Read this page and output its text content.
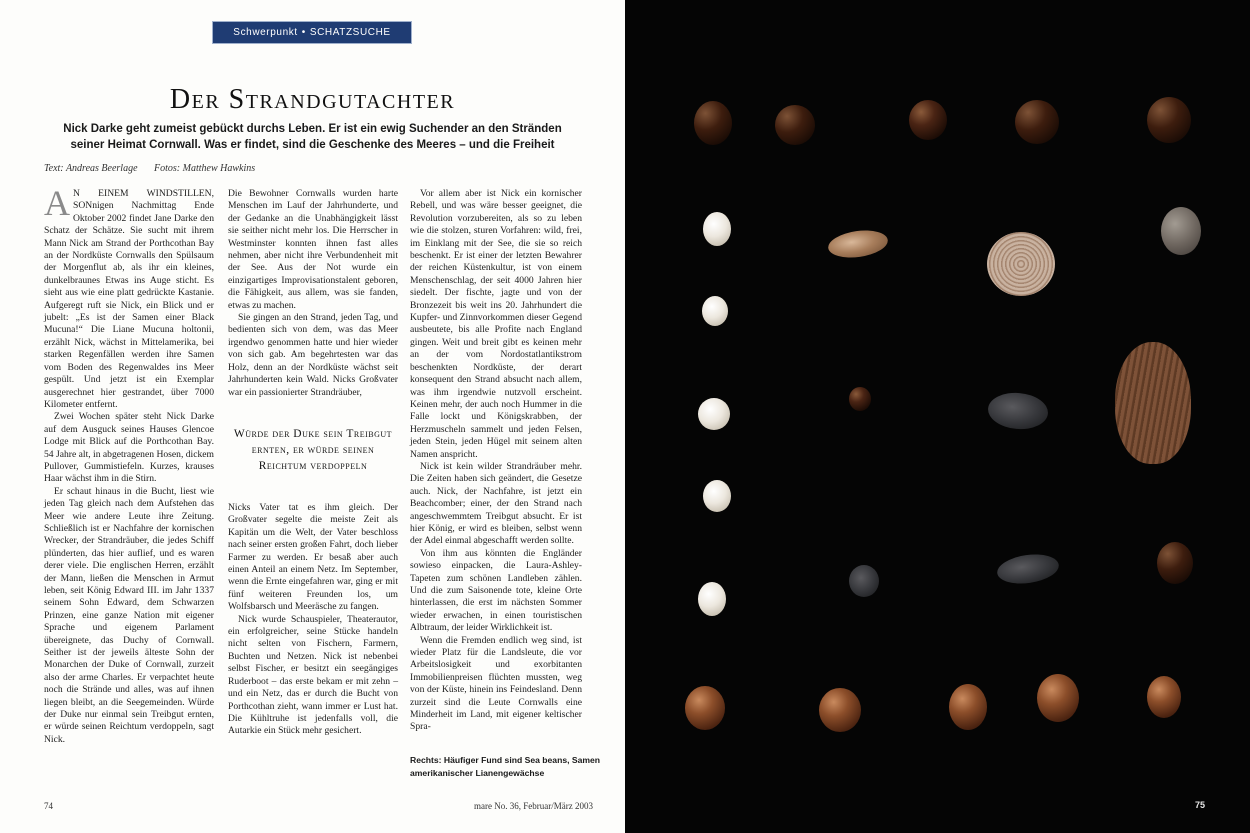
Schwerpunkt • SCHATZSUCHE
Der Strandgutachter
Nick Darke geht zumeist gebückt durchs Leben. Er ist ein ewig Suchender an den Stränden seiner Heimat Cornwall. Was er findet, sind die Geschenke des Meeres – und die Freiheit
Text: Andreas Beerlage Fotos: Matthew Hawkins

A N EINEM WINDSTILLEN, SONnigen Nachmittag Ende Oktober 2002 findet Jane Darke den Schatz der Schätze. Sie sucht mit ihrem Mann Nick am Strand der Porthcothan Bay an der Nordküste Cornwalls den Spülsaum der Morgenflut ab, als ihr ein kleines, dunkelbraunes Etwas ins Auge sticht. Es sieht aus wie eine platt gedrückte Kastanie. Aufgeregt ruft sie Nick, ein Blick und er jubelt: „Es ist der Samen einer Black Mucuna!“ Die Liane Mucuna holtonii, erzählt Nick, wächst in Mittelamerika, bei starken Regenfällen werden ihre Samen vom Boden des Regenwaldes ins Meer gespült. Und jetzt ist ein Exemplar ausgerechnet hier gestrandet, über 7000 Kilometer entfernt.

Zwei Wochen später steht Nick Darke auf dem Ausguck seines Hauses Glencoe Lodge mit Blick auf die Porthcothan Bay. 54 Jahre alt, in abgetragenen Hosen, dickem Pullover, Gummistiefeln. Kurzes, krauses Haar wächst ihm in die Stirn.

Er schaut hinaus in die Bucht, liest wie jeden Tag gleich nach dem Aufstehen das Meer wie andere Leute ihre Zeitung. Schließlich ist er Nachfahre der kornischen Wrecker, der Strandräuber, die jedes Schiff plünderten, das hier auflief, und es waren derer viele. Die englischen Herren, erzählt der Mann, ließen die Menschen in Armut leben, seit König Edward III. im Jahr 1337 seinem Sohn Edward, dem Schwarzen Prinzen, eine ganze Nation mit eigener Sprache und eigenem Parlament übereignete, das Duchy of Cornwall. Seither ist der jeweils älteste Sohn der Monarchen der Duke of Cornwall, zurzeit also der arme Charles. Er verpachtet heute noch die Strände und alles, was auf ihnen liegen bleibt, an die Seegemeinden. Würde der Duke nur einmal sein Treibgut ernten, er würde seinen Reichtum verdoppeln, sagt Nick.

Die Bewohner Cornwalls wurden harte Menschen im Lauf der Jahrhunderte, und der Gedanke an die Unabhängigkeit lässt sie seither nicht mehr los. Die Herrscher in Westminster konnten ihnen fast alles nehmen, aber nicht ihre Verbundenheit mit der See. Aus der Not wurde ein einzigartiges Improvisationstalent geboren, die Fähigkeit, aus allem, was sie fanden, etwas zu machen.

Sie gingen an den Strand, jeden Tag, und bedienten sich von dem, was das Meer irgendwo genommen hatte und hier wieder von sich gab. Am begehrtesten war das Holz, denn an der Nordküste wächst seit Jahrhunderten kein Wald. Nicks Großvater war ein passionierter Strandräuber,

Würde der Duke sein Treibgut ernten, er würde seinen Reichtum verdoppeln

Nicks Vater tat es ihm gleich. Der Großvater segelte die meiste Zeit als Kapitän um die Welt, der Vater beschloss nach seiner ersten großen Fahrt, doch lieber Farmer zu werden. Er besaß aber auch einen Anteil an einem Netz. Im September, wenn die Ernte eingefahren war, ging er mit fünf weiteren Freunden los, um Wolfsbarsch und Meeräsche zu fangen.

Nick wurde Schauspieler, Theaterautor, ein erfolgreicher, seine Stücke handeln nicht selten von Fischern, Farmern, Buchten und Netzen. Nick ist nebenbei selbst Fischer, er besitzt ein seegängiges Ruderboot – das erste bekam er mit zehn – und ein Netz, das er durch die Bucht von Porthcothan zieht, wann immer er Lust hat. Die Kühltruhe ist jedenfalls voll, die Autarkie ein Stück mehr gesichert.

Vor allem aber ist Nick ein kornischer Rebell, und was wäre besser geeignet, die Revolution vorzubereiten, als so zu leben wie die stolzen, sturen Vorfahren: wild, frei, im Einklang mit der See, die sie so reich beschenkt. Er ist einer der letzten Bewahrer der reichen Küstenkultur, ist von einem Menschenschlag, der seit 4000 Jahren hier siedelt. Der fischte, jagte und von der Bronzezeit bis weit ins 20. Jahrhundert die Kupfer- und Zinnvorkommen dieser Gegend ausbeutete, bis alle Profite nach England gingen. Weit und breit gibt es keinen mehr an der vom Nordostatlantikstrom beschenkten Nordküste, der derart konsequent den Strand absucht nach allem, was ihm irgendwie nutzvoll erscheint. Keinen mehr, der auch noch Hummer in die Falle lockt und Königskrabben, der Herzmuscheln sammelt und jeden Felsen, jeden Stein, jeden Hügel mit seinem alten Namen anspricht.

Nick ist kein wilder Strandräuber mehr. Die Zeiten haben sich geändert, die Gesetze auch. Nick, der Nachfahre, ist jetzt ein Beachcomber; einer, der den Strand nach angeschwemmtem Treibgut absucht. Er ist hier König, er wird es bleiben, selbst wenn der Adel einmal abgeschafft werden sollte.

Von ihm aus könnten die Engländer sowieso einpacken, die Laura-Ashley-Tapeten zum schönen Landleben zählen. Und die zum Saisonende tote, kleine Orte hinterlassen, die erst im nächsten Sommer wieder erwachen, in einen touristischen Albtraum, der leider Wirklichkeit ist.

Wenn die Fremden endlich weg sind, ist wieder Platz für die Landsleute, die vor Arbeitslosigkeit und exorbitanten Immobilienpreisen flüchten mussten, weg von der Küste, hinein ins Feindesland. Denn zurzeit sind die Leute Cornwalls eine Minderheit im Land, mit eigener keltischer Spra-

Rechts: Häufiger Fund sind Sea beans, Samen amerikanischer Lianengewächse
74	mare No. 36, Februar/März 2003	75
